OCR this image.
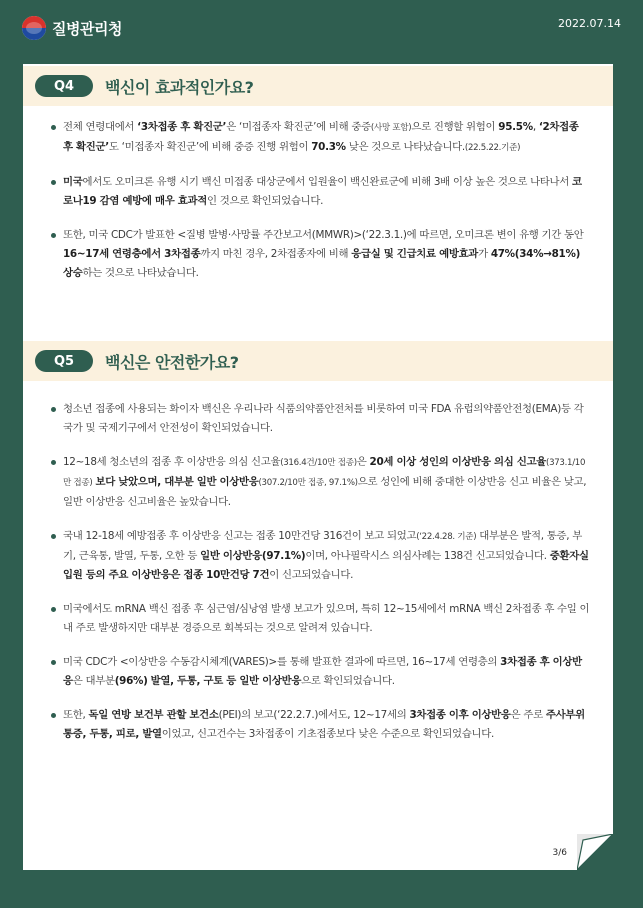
질병관리청	2022.07.14
Q4	백신이 효과적인가요?
전체 연령대에서 ‘3차접종 후 확진군’은 ‘미접종자 확진군’에 비해 중증(사망 포함)으로 진행할 위험이 95.5%, ‘2차접종 후 확진군’도 ‘미접종자 확진군’에 비해 중증 진행 위험이 70.3% 낮은 것으로 나타났습니다.(22.5.22.기준)
미국에서도 오미크론 유행 시기 백신 미접종 대상군에서 입원율이 백신완료군에 비해 3배 이상 높은 것으로 나타나서 코로나19 감염 예방에 매우 효과적인 것으로 확인되었습니다.
또한, 미국 CDC가 발표한 <질병 발병·사망률 주간보고서(MMWR)>(‘22.3.1.)에 따르면, 오미크론 변이 유행 기간 동안 16~17세 연령층에서 3차접종까지 마친 경우, 2차접종자에 비해 응급실 및 긴급치료 예방효과가 47%(34%→81%) 상승하는 것으로 나타났습니다.
Q5	백신은 안전한가요?
청소년 접종에 사용되는 화이자 백신은 우리나라 식품의약품안전처를 비롯하여 미국 FDA 유럽의약품안전청(EMA)등 각 국가 및 국제기구에서 안전성이 확인되었습니다.
12~18세 청소년의 접종 후 이상반응 의심 신고율(316.4건/10만 접종)은 20세 이상 성인의 이상반응 의심 신고율(373.1/10만 접종) 보다 낮았으며, 대부분 일반 이상반응(307.2/10만 접종, 97.1%)으로 성인에 비해 중대한 이상반응 신고 비율은 낮고, 일반 이상반응 신고비율은 높았습니다.
국내 12-18세 예방접종 후 이상반응 신고는 접종 10만건당 316건이 보고 되었고(‘22.4.28. 기준) 대부분은 발적, 통증, 부기, 근육통, 발열, 두통, 오한 등 일반 이상반응(97.1%)이며, 아나필락시스 의심사례는 138건 신고되었습니다. 중환자실 입원 등의 주요 이상반응은 접종 10만건당 7건이 신고되었습니다.
미국에서도 mRNA 백신 접종 후 심근염/심낭염 발생 보고가 있으며, 특히 12~15세에서 mRNA 백신 2차접종 후 수일 이내 주로 발생하지만 대부분 경증으로 회복되는 것으로 알려져 있습니다.
미국 CDC가 <이상반응 수동감시체계(VARES)>를 통해 발표한 결과에 따르면, 16~17세 연령층의 3차접종 후 이상반응은 대부분(96%) 발열, 두통, 구토 등 일반 이상반응으로 확인되었습니다.
또한, 독일 연방 보건부 관할 보건소(PEI)의 보고(‘22.2.7.)에서도, 12~17세의 3차접종 이후 이상반응은 주로 주사부위 통증, 두통, 피로, 발열이었고, 신고건수는 3차접종이 기초접종보다 낮은 수준으로 확인되었습니다.
3/6
